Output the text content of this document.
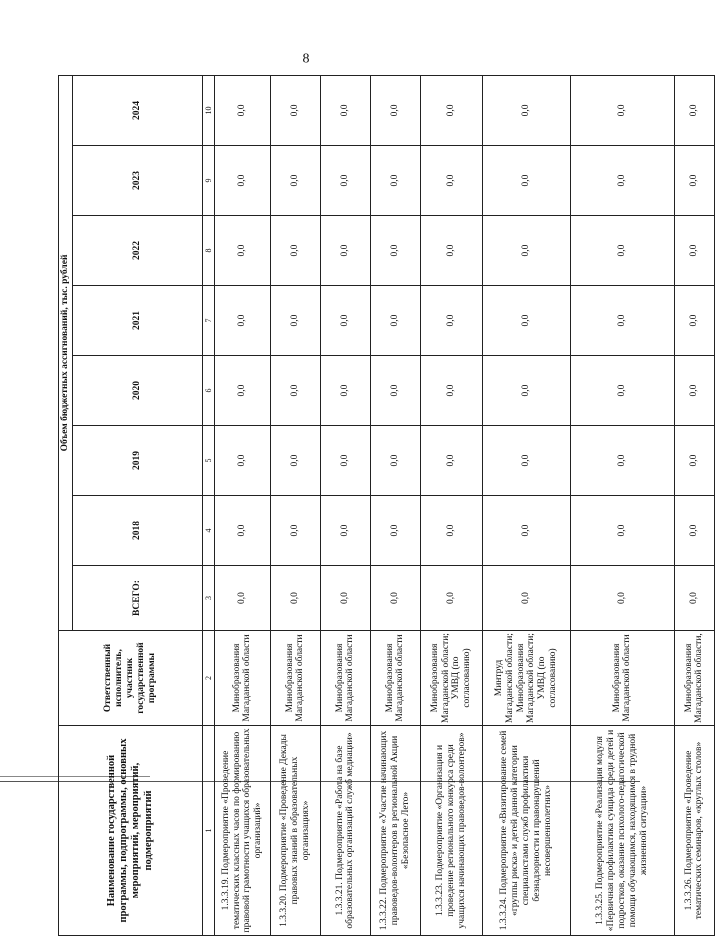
Наименование государственной программы, подпрограммы, основных мероприятий, мероприятий, подмероприятий	Ответственный исполнитель, участник государственной программы	Объем бюджетных ассигнований, тыс. рублей							
		ВСЕГО:	2018	2019	2020	2021	2022	2023	2024
1	2	3	4	5	6	7	8	9	10
1.3.3.19. Подмероприятие «Проведение тематических классных часов по формированию правовой грамотности учащихся образовательных организаций»	Минобразования Магаданской области	0,0	0,0	0,0	0,0	0,0	0,0	0,0	0,0
1.3.3.20. Подмероприятие «Проведение Декады правовых знаний в образовательных организациях»	Минобразования Магаданской области	0,0	0,0	0,0	0,0	0,0	0,0	0,0	0,0
1.3.3.21. Подмероприятие «Работа на базе образовательных организаций служб медиации»	Минобразования Магаданской области	0,0	0,0	0,0	0,0	0,0	0,0	0,0	0,0
1.3.3.22. Подмероприятие «Участие начинающих правоведов-волонтеров в региональной Акции «Безопасное Лето»	Минобразования Магаданской области	0,0	0,0	0,0	0,0	0,0	0,0	0,0	0,0
1.3.3.23. Подмероприятие «Организация и проведение регионального конкурса среди учащихся начинающих правоведов-волонтеров»	Минобразования Магаданской области; УМВД (по согласованию)	0,0	0,0	0,0	0,0	0,0	0,0	0,0	0,0
1.3.3.24. Подмероприятие «Визитирование семей «группы риска» и детей данной категории специалистами служб профилактики безнадзорности и правонарушений несовершеннолетних»	Минтруд Магаданской области; Минобразования Магаданской области; УМВД (по согласованию)	0,0	0,0	0,0	0,0	0,0	0,0	0,0	0,0
1.3.3.25. Подмероприятие «Реализация модуля «Первичная профилактика суицида среди детей и подростков, оказание психолого-педагогической помощи обучающимся, находящимся в трудной жизненной ситуации»	Минобразования Магаданской области	0,0	0,0	0,0	0,0	0,0	0,0	0,0	0,0
1.3.3.26. Подмероприятие «Проведение тематических семинаров, «круглых столов»	Минобразования Магаданской области,	0,0	0,0	0,0	0,0	0,0	0,0	0,0	0,0
8
